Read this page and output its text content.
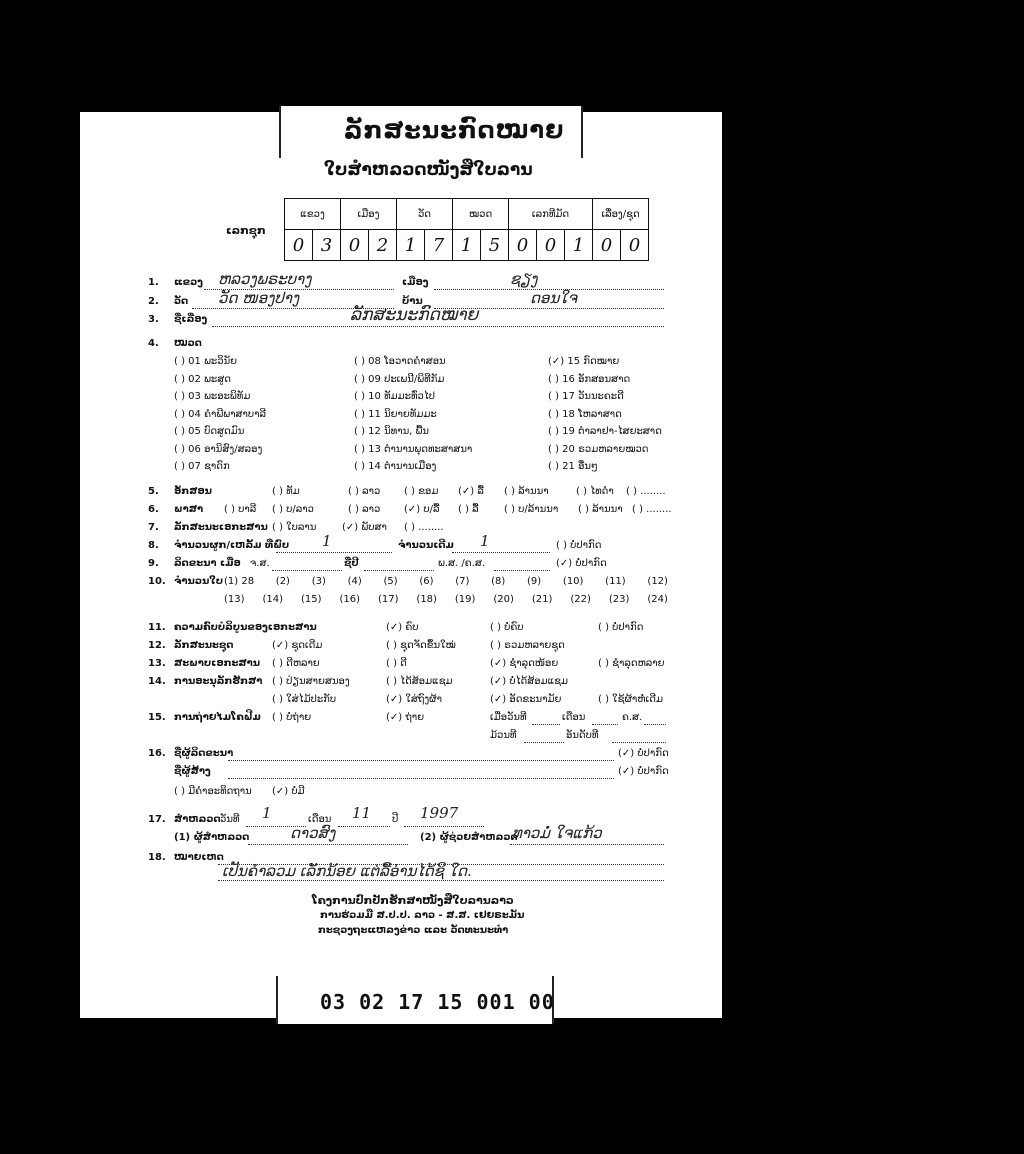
ລັກສະນະກົດໝາຍ
ໃບສຳຫລວດໜັງສືໃບລານ
ເລກຊຸກ
ແຂວງ		ເມືອງ		ວັດ		ໝວດ		ເລກທີມັດ			ເລື່ອງ/ຊຸດ	
0	3	0	2	1	7	1	5	0	0	1	0	0
1. ແຂວງ ຫລວງພຣະບາງ	ເມືອງ	ຊຽງ
2. ວັດ ວັດ ໜອງປາງ	ບ້ານ	ດອນໃຈ
3. ຊື່ເລື່ອງ	ລັກສະນະກົດໝາຍ
4. ໝວດ
( ) 01 ພະວິນັຍ
( ) 02 ພະສູດ
( ) 03 ພະອະພິທັມ
( ) 04 ຄຳພີພາສາບາລີ
( ) 05 ບົດສູດມົນ
( ) 06 ອານິສົງ/ສລອງ
( ) 07 ຊາດົກ
( ) 08 ໂອວາດຄຳສອນ
( ) 09 ປະເພນີ/ພິທີກັມ
( ) 10 ທັມມະທົ່ວໄປ
( ) 11 ນິຍາຍທັມມະ
( ) 12 ນິທານ, ພື້ນ
( ) 13 ຕຳນານພຸດທະສາສນາ
( ) 14 ຕຳນານເມືອງ
(✓) 15 ກົດໝາຍ
( ) 16 ອັກສອນສາດ
( ) 17 ວັນນະຄະດີ
( ) 18 ໂຫລາສາດ
( ) 19 ຕຳລາຢາ-ໄສຍະສາດ
( ) 20 ຣວມຫລາຍໝວດ
( ) 21 ອື່ນໆ
5. ອັກສອນ	( ) ທັມ	( ) ລາວ ( ) ຂອມ (✓) ລື້ ( ) ລ້ານນາ	( ) ໄທດຳ ( ) ........
6. ພາສາ ( ) ບາລີ ( ) ບ/ລາວ	( ) ລາວ (✓) ບ/ລື້ ( ) ລື້	( ) ບ/ລ້ານນາ ( ) ລ້ານນາ ( ) ........
7. ລັກສະນະເອກະສານ ( ) ໃບລານ	(✓) ພັບສາ ( ) ........
8. ຈຳນວນຜູກ/ເຫລັ້ມ ທີ່ພົບ 1	ຈຳນວນເດີມ 1	( ) ບໍ່ປາກົດ
9. ລິດຂະນາ ເມື່ອ ຈ.ສ.	ຊື່ປີ	ພ.ສ. /ຄ.ສ.	(✓) ບໍ່ປາກົດ
10. ຈຳນວນໃບ (1) 28 (2) (3) (4) (5) (6) (7) (8) (9) (10) (11) (12)
(13) (14) (15) (16) (17) (18) (19) (20) (21) (22) (23) (24)
11. ຄວາມຄົບບໍລິບູນຂອງເອກະສານ	(✓) ຄົບ	( ) ບໍ່ຄົບ	( ) ບໍ່ປາກົດ
12. ລັກສະນະຊຸດ	(✓) ຊຸດເດີມ	( ) ຊຸດຈັດຂຶ້ນໃໝ່	( ) ຣວມຫລາຍຊຸດ
13. ສະພາບເອກະສານ ( ) ດີຫລາຍ	( ) ດີ	(✓) ຊຳລຸດໜ້ອຍ	( ) ຊຳລຸດຫລາຍ
14. ການອະນຸລັກຮັກສາ ( ) ປ່ຽນສາຍສນອງ	( ) ໄດ້ສ້ອມແຊມ	(✓) ບໍ່ໄດ້ສ້ອມແຊມ
( ) ໃສ່ໄມ້ປະກັບ	(✓) ໃສ່ຖົງຜ້າ	(✓) ອັດຂະນາມັຍ	( ) ໃຊ້ຜ້າຫໍ່ເດີມ
15. ການຖ່າຍໄມໂຄຟີມ ( ) ບໍ່ຖ່າຍ	(✓) ຖ່າຍ	ເມື່ອວັນທີ	ເດືອນ	ຄ.ສ.
ມ້ວນທີ	ອັນດັບທີ
16. ຊື່ຜູ້ລິດຂະນາ	(✓) ບໍ່ປາກົດ
ຊື່ຜູ້ສ້າງ	(✓) ບໍ່ປາກົດ
( ) ມີຄຳອະທິດຖານ (✓) ບໍ່ມີ
17. ສຳຫລວດ ວັນທີ 1	ເດືອນ 11 ປີ 1997
(1) ຜູ້ສຳຫລວດ	ດາວສົງ	(2) ຜູ້ຊ່ວຍສຳຫລວດ
ທາວມໍ່ ໃຈແກ້ວ
18. ໝາຍເຫດ
ເປັນຄຳລວມ ເລັກນ້ອຍ ແຕ່ລື້ອ່ານໄດ້ຊິ ໃດ.
ໂຄງການປົກປັກຮັກສາໜັງສືໃບລານລາວ
ການຮ່ວມມື ສ.ປ.ປ. ລາວ - ສ.ສ. ເຢຍຣະມັນ
ກະຊວງຖະແຫລງຂ່າວ ແລະ ວັດທະນະທຳ
03 02 17 15 001 00
